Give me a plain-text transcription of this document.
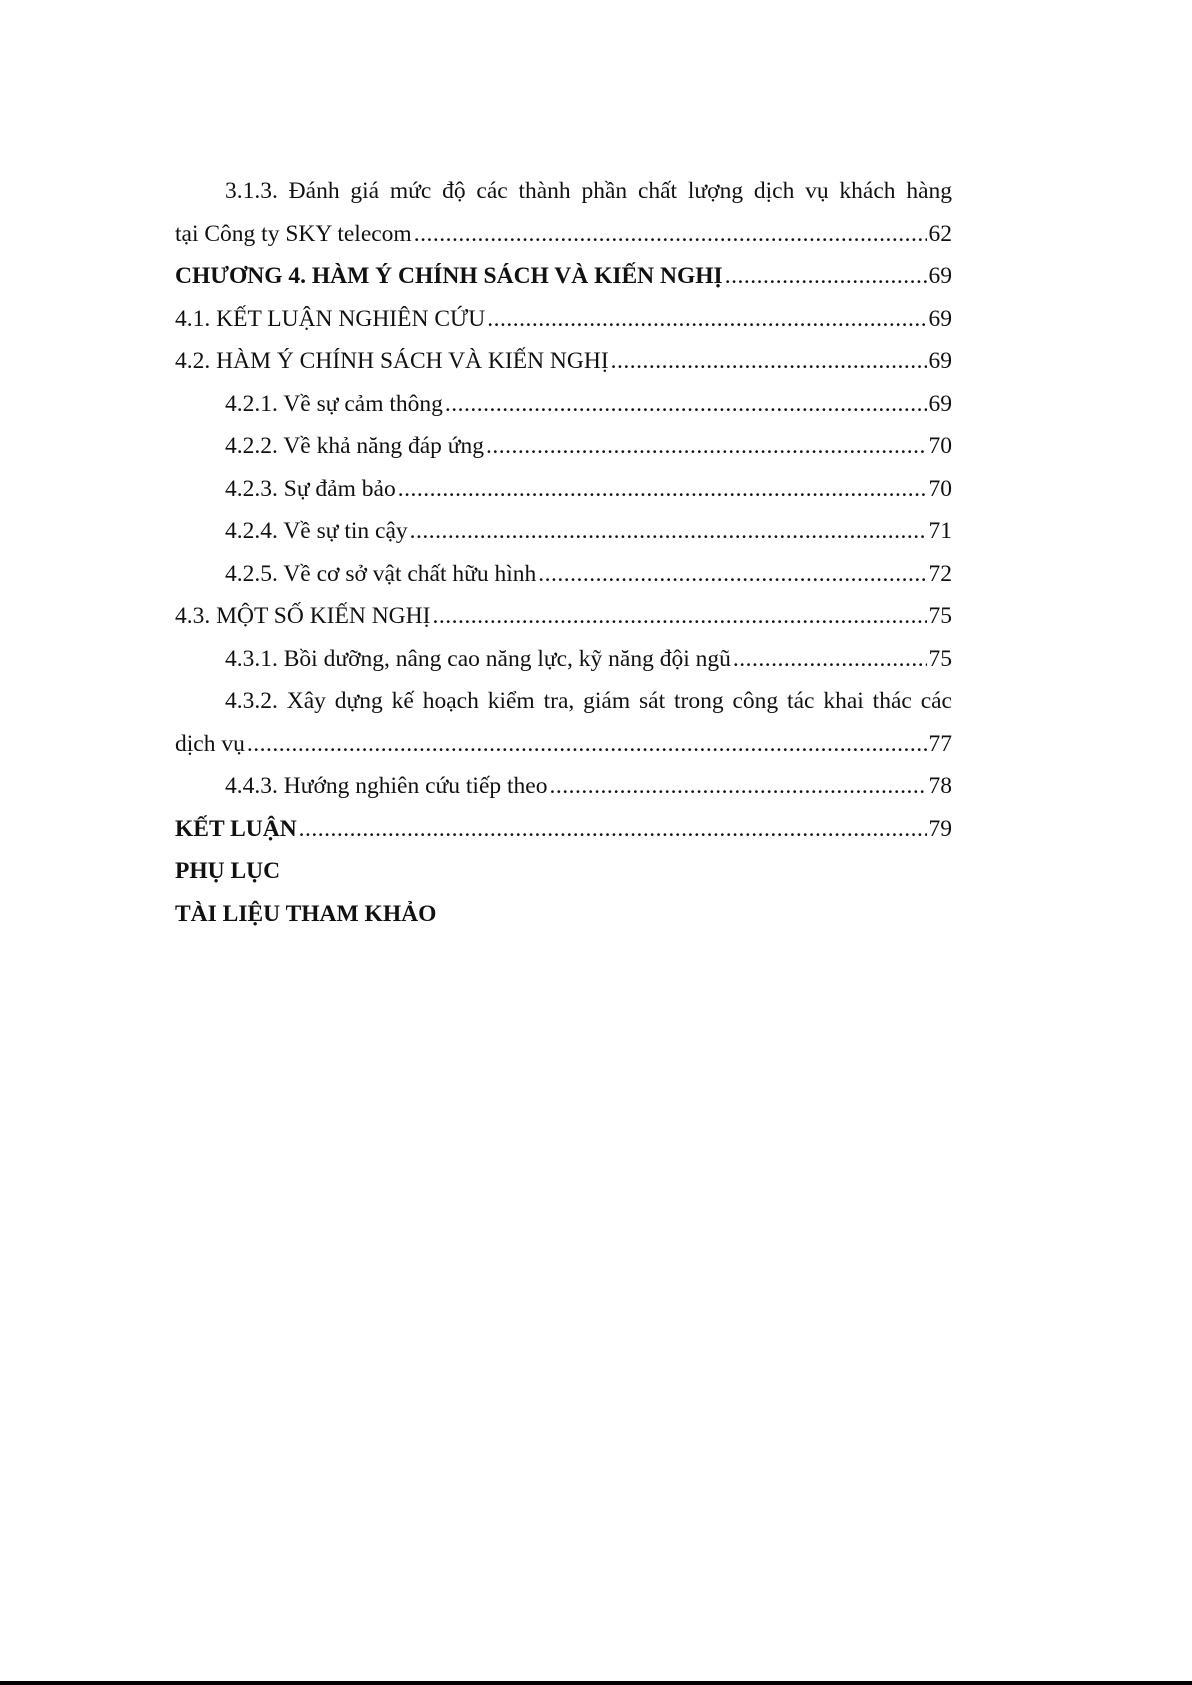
3.1.3. Đánh giá mức độ các thành phần chất lượng dịch vụ khách hàng
tại Công ty SKY telecom .....	62
CHƯƠNG 4. HÀM Ý CHÍNH SÁCH VÀ KIẾN NGHỊ .....	69
4.1. KẾT LUẬN NGHIÊN CỨU .....	69
4.2. HÀM Ý CHÍNH SÁCH VÀ KIẾN NGHỊ .....	69
4.2.1. Về sự cảm thông .....	69
4.2.2. Về khả năng đáp ứng .....	70
4.2.3. Sự đảm bảo .....	70
4.2.4. Về sự tin cậy .....	71
4.2.5. Về cơ sở vật chất hữu hình .....	72
4.3. MỘT SỐ KIẾN NGHỊ .....	75
4.3.1. Bồi dưỡng, nâng cao năng lực, kỹ năng đội ngũ .....	75
4.3.2. Xây dựng kế hoạch kiểm tra, giám sát trong công tác khai thác các
dịch vụ .....	77
4.4.3. Hướng nghiên cứu tiếp theo .....	78
KẾT LUẬN .....	79
PHỤ LỤC
TÀI LIỆU THAM KHẢO
